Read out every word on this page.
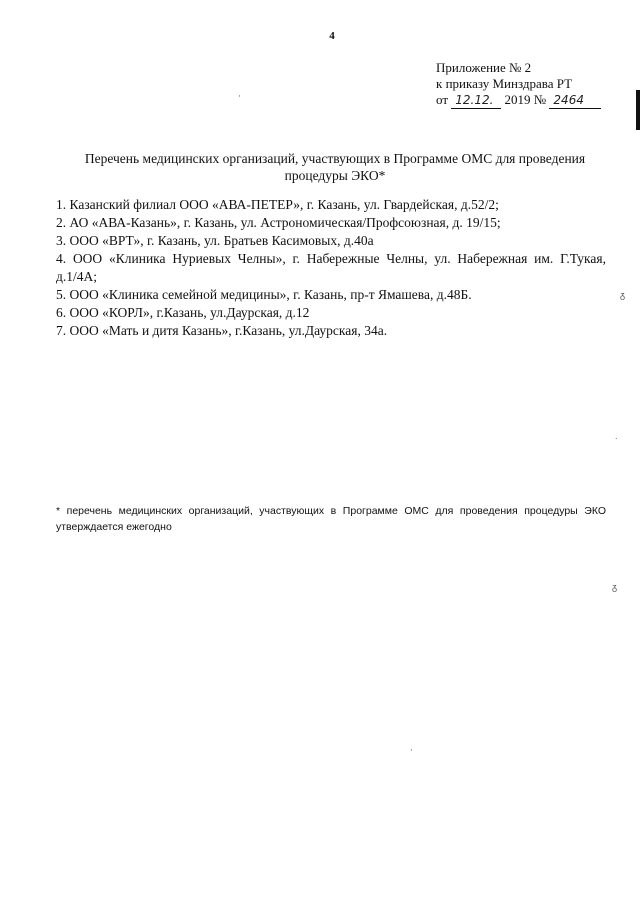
4
Приложение № 2
к приказу Минздрава РТ
от 12.12. 2019 № 2464
Перечень медицинских организаций, участвующих в Программе ОМС для проведения процедуры ЭКО*
1. Казанский филиал ООО «АВА-ПЕТЕР», г. Казань, ул. Гвардейская, д.52/2;
2. АО «АВА-Казань», г. Казань, ул. Астрономическая/Профсоюзная, д. 19/15;
3. ООО «ВРТ», г. Казань, ул. Братьев Касимовых, д.40а
4. ООО «Клиника Нуриевых Челны», г. Набережные Челны, ул. Набережная им. Г.Тукая, д.1/4А;
5. ООО «Клиника семейной медицины», г. Казань, пр-т Ямашева, д.48Б.
6. ООО «КОРЛ», г.Казань, ул.Даурская, д.12
7. ООО «Мать и дитя Казань», г.Казань, ул.Даурская, 34а.
* перечень медицинских организаций, участвующих в Программе ОМС для проведения процедуры ЭКО утверждается ежегодно
·
ᵹ
˙
ᵹ
·
